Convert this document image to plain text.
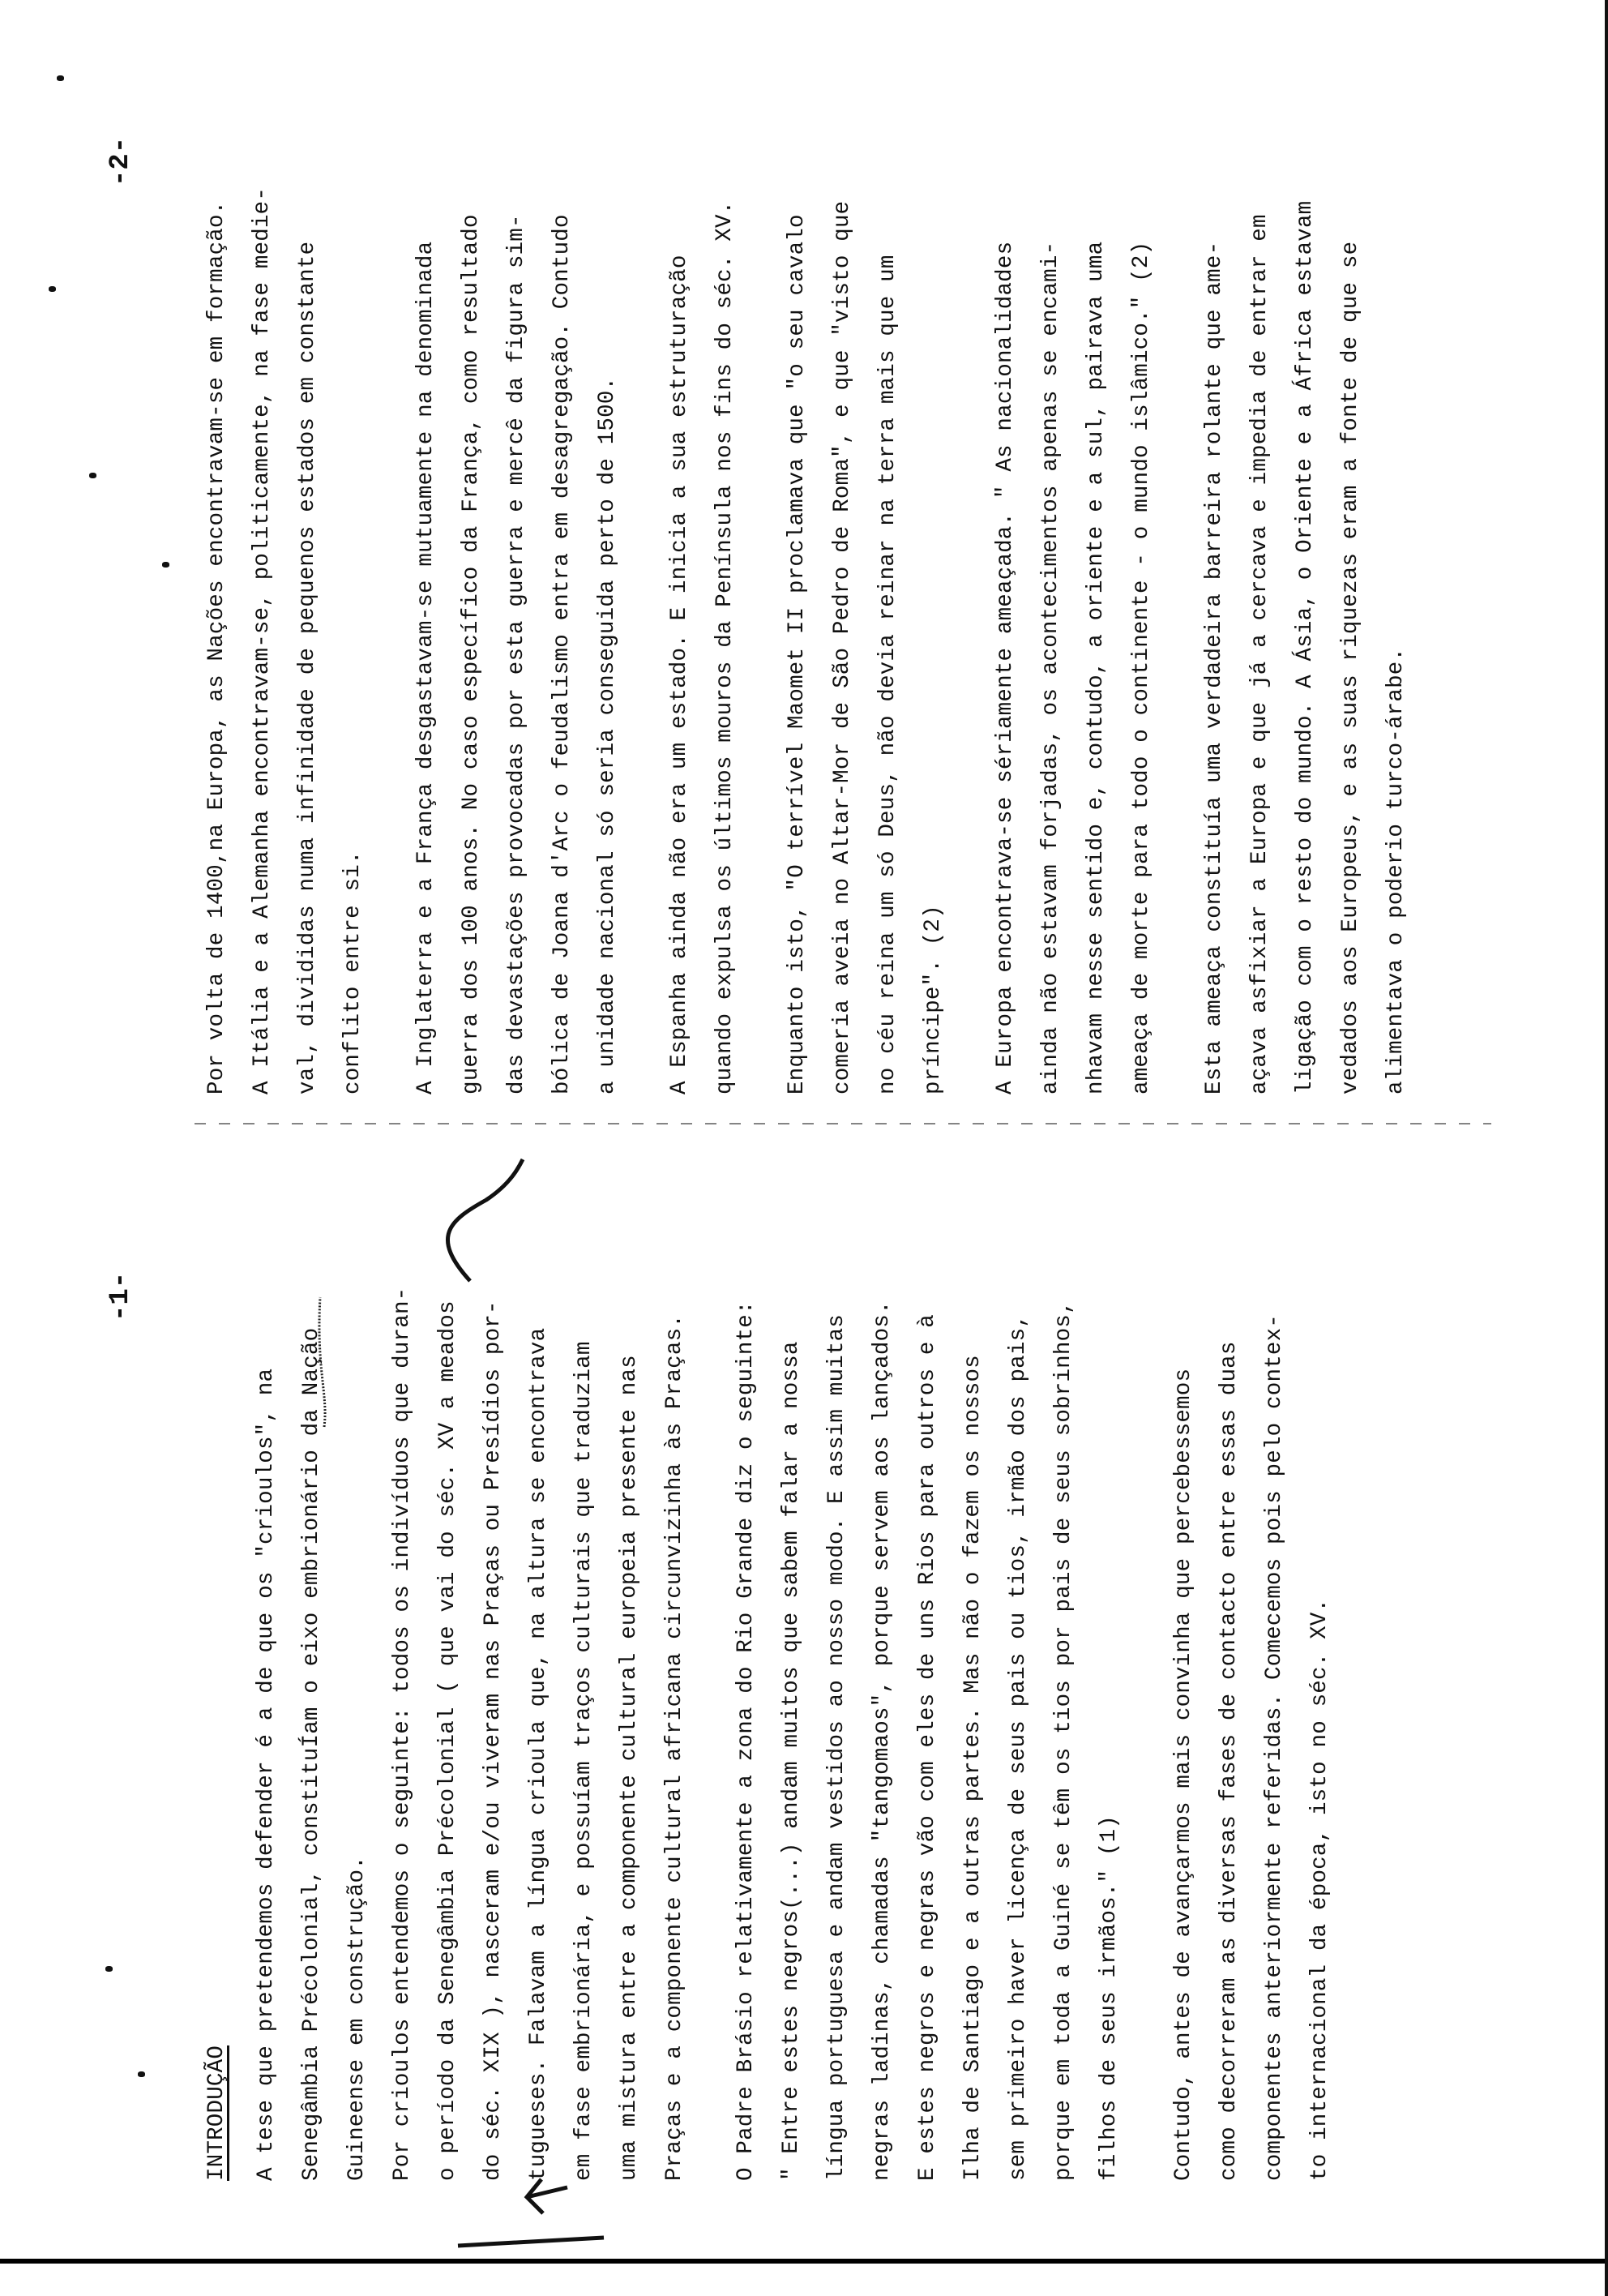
-1-
INTRODUÇÃO A tese que pretendemos defender é a de que os "crioulos", na Senegâmbia Précolonial, constituÍam o eixo embrionário da Nação Guineense em construção. Por crioulos entendemos o seguinte: todos os indivíduos que duran- o período da Senegâmbia Précolonial ( que vai do séc. XV a meados do séc. XIX ), nasceram e/ou viveram nas Praças ou Presídios por- tugueses. Falavam a língua crioula que, na altura se encontrava em fase embrionária, e possuíam traços culturais que traduziam uma mistura entre a componente cultural europeia presente nas Praças e a componente cultural africana circunvizinha às Praças. O Padre Brásio relativamente a zona do Rio Grande diz o seguinte: " Entre estes negros(...) andam muitos que sabem falar a nossa língua portuguesa e andam vestidos ao nosso modo. E assim muitas negras ladinas, chamadas "tangomaos", porque servem aos lançados. E estes negros e negras vão com eles de uns Rios para outros e à Ilha de Santiago e a outras partes. Mas não o fazem os nossos sem primeiro haver licença de seus pais ou tios, irmão dos pais, porque em toda a Guiné se têm os tios por pais de seus sobrinhos, filhos de seus irmãos." (1) Contudo, antes de avançarmos mais convinha que percebessemos como decorreram as diversas fases de contacto entre essas duas componentes anteriormente referidas. Comecemos pois pelo contex- to internacional da época, isto no séc. XV.
-2-
Por volta de 1400,na Europa, as Nações encontravam-se em formação. A Itália e a Alemanha encontravam-se, politicamente, na fase medie- val, divididas numa infinidade de pequenos estados em constante conflito entre si. A Inglaterra e a França desgastavam-se mutuamente na denominada guerra dos 100 anos. No caso específico da França, como resultado das devastações provocadas por esta guerra e mercê da figura sim- bólica de Joana d'Arc o feudalismo entra em desagregação. Contudo a unidade nacional só seria conseguida perto de 1500. A Espanha ainda não era um estado. E inicia a sua estruturação quando expulsa os últimos mouros da Península nos fins do séc. XV. Enquanto isto, "O terrível Maomet II proclamava que "o seu cavalo comeria aveia no Altar-Mor de São Pedro de Roma", e que "visto que no céu reina um só Deus, não devia reinar na terra mais que um príncipe". (2) A Europa encontrava-se sériamente ameaçada. " As nacionalidades ainda não estavam forjadas, os acontecimentos apenas se encami- nhavam nesse sentido e, contudo, a oriente e a sul, pairava uma ameaça de morte para todo o continente - o mundo islâmico." (2) Esta ameaça constituía uma verdadeira barreira rolante que ame- açava asfixiar a Europa e que já a cercava e impedia de entrar em ligação com o resto do mundo. A Ásia, o Oriente e a África estavam vedados aos Europeus, e as suas riquezas eram a fonte de que se alimentava o poderio turco-árabe.
